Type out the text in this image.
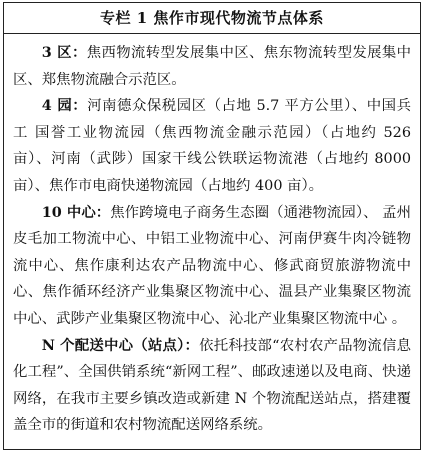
专栏 1 焦作市现代物流节点体系

3 区：焦西物流转型发展集中区、焦东物流转型发展集中区、郑焦物流融合示范区。

4 园：河南德众保税园区（占地 5.7 平方公里）、中国兵工 国誉工业物流园（焦西物流金融示范园）（占地约 526 亩）、河南（武陟）国家干线公铁联运物流港（占地约 8000 亩）、焦作市电商快递物流园（占地约 400 亩）。

10 中心：焦作跨境电子商务生态圈（通港物流园）、 孟州皮毛加工物流中心、中铝工业物流中心、河南伊赛牛肉冷链物流中心、焦作康利达农产品物流中心、修武商贸旅游物流中心、焦作循环经济产业集聚区物流中心、温县产业集聚区物流中心、武陟产业集聚区物流中心、沁北产业集聚区物流中心 。

N 个配送中心（站点）：依托科技部“农村农产品物流信息化工程”、全国供销系统“新网工程”、邮政速递以及电商、快递网络，在我市主要乡镇改造或新建 N 个物流配送站点，搭建覆盖全市的街道和农村物流配送网络系统。
